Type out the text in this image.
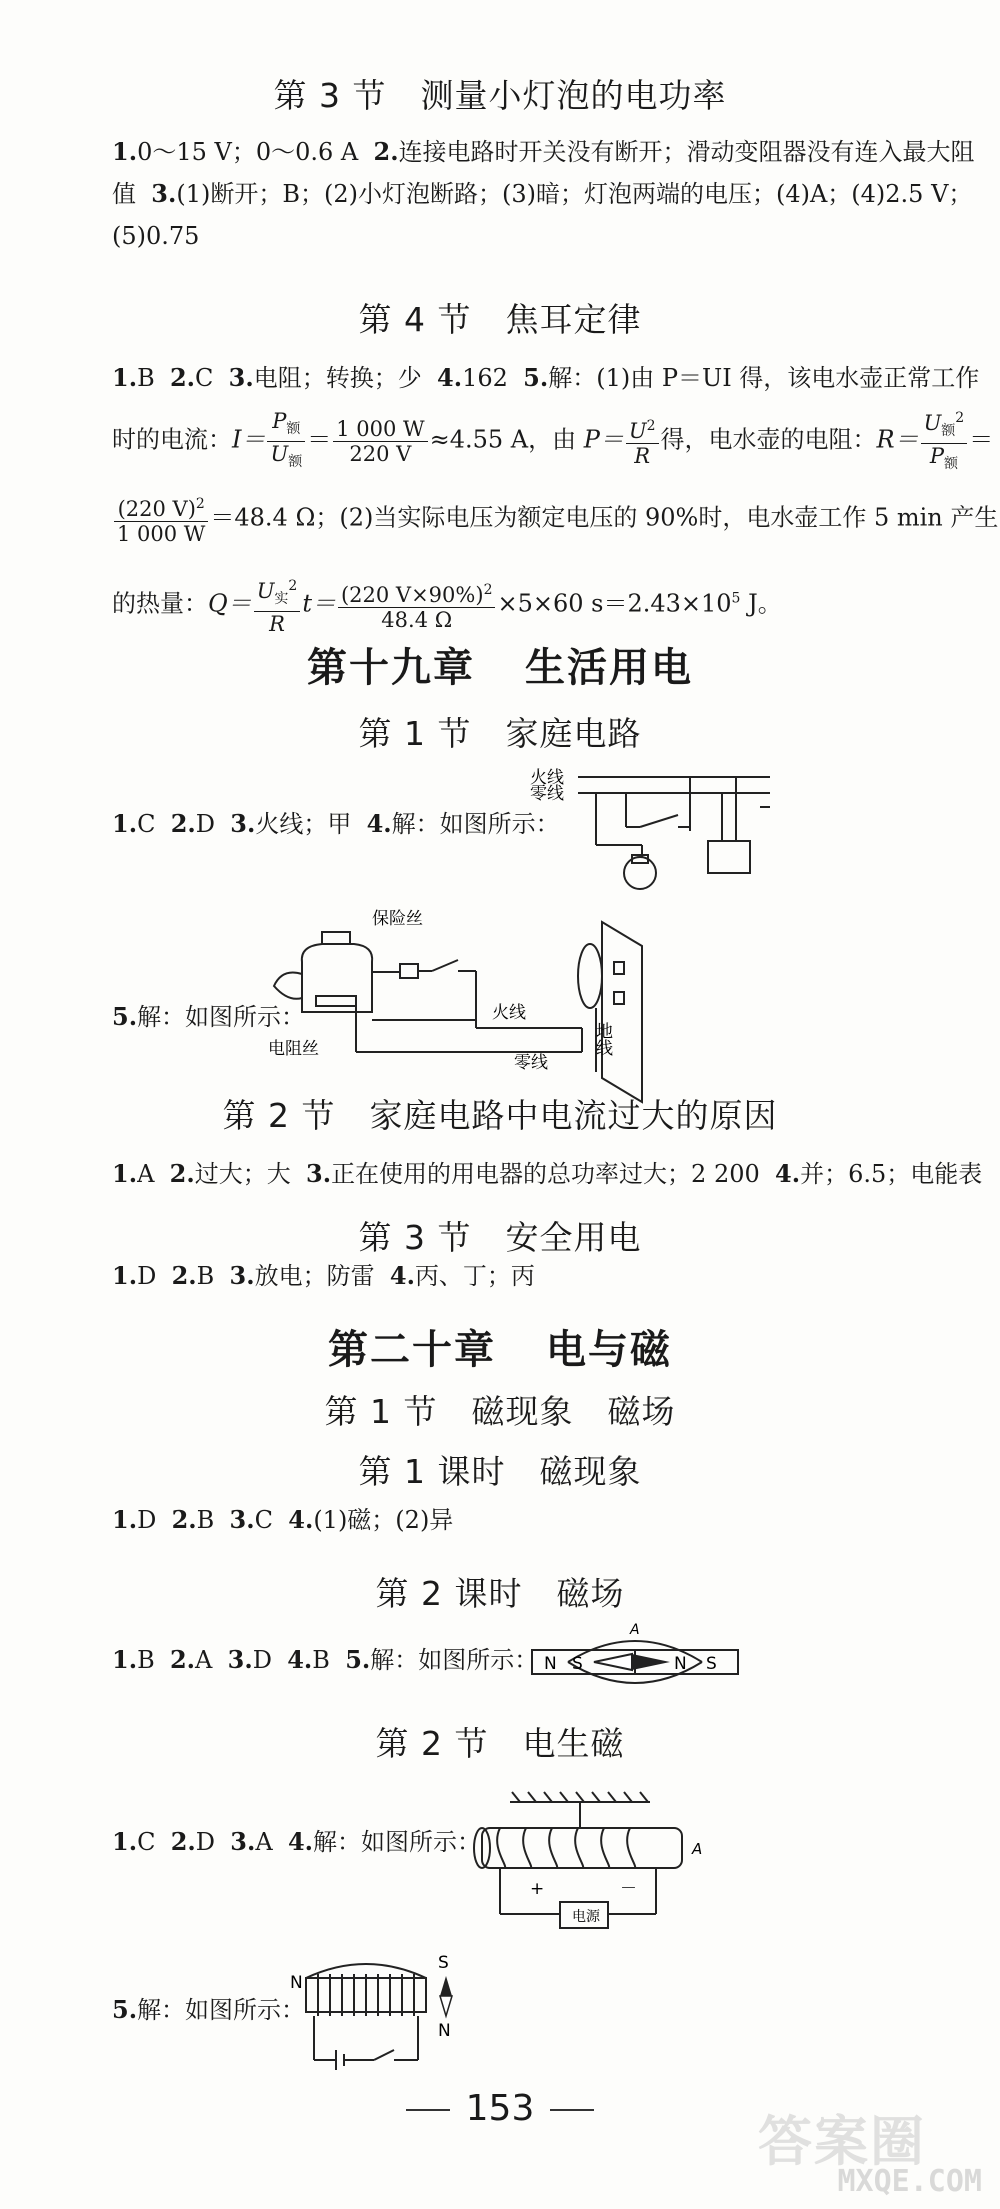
第 3 节 测量小灯泡的电功率
1.0～15 V；0～0.6 A 2.连接电路时开关没有断开；滑动变阻器没有连入最大阻
值 3.(1)断开；B；(2)小灯泡断路；(3)暗；灯泡两端的电压；(4)A；(4)2.5 V；
(5)0.75
第 4 节 焦耳定律
1.B 2.C 3.电阻；转换；少 4.162 5.解：(1)由 P＝UI 得，该电水壶正常工作
时的电流：$I= \frac{P_额}{U_额} = \frac{1 000 W}{220 V} \approx 4.55$ A，由 $P= \frac{U^2}{R}$ 得，电水壶的电阻：$R= \frac{U_额^2}{P_额}$ ＝
$\frac{(220 V)^2}{1 000 W} =48.4$ Ω；(2)当实际电压为额定电压的 90%时，电水壶工作 5 min 产生
的热量：$Q= \frac{U_实^2}{R} t= \frac{(220 V\times 90\%)^2}{48.4 \Omega} \times 5\times 60$ $s=2.43\times 10^5$ J。
第十九章 生活用电
第 1 节 家庭电路
1.C 2.D 3.火线；甲 4.解：如图所示：
火线
零线
5.解：如图所示：
保险丝
电阻丝
火线
零线
地线
第 2 节 家庭电路中电流过大的原因
1.A 2.过大；大 3.正在使用的用电器的总功率过大；2 200 4.并；6.5；电能表
第 3 节 安全用电
1.D 2.B 3.放电；防雷 4.丙、丁；丙
第二十章 电与磁
第 1 节 磁现象　磁场
第 1 课时 磁现象
1.D 2.B 3.C 4.(1)磁；(2)异
第 2 课时 磁场
1.B 2.A 3.D 4.B 5.解：如图所示： N S	N S
A
第 2 节 电生磁
1.C 2.D 3.A 4.解：如图所示：
电源
+	－
A
5.解：如图所示：
N
S
N
153
答案圈
MXQE.COM
